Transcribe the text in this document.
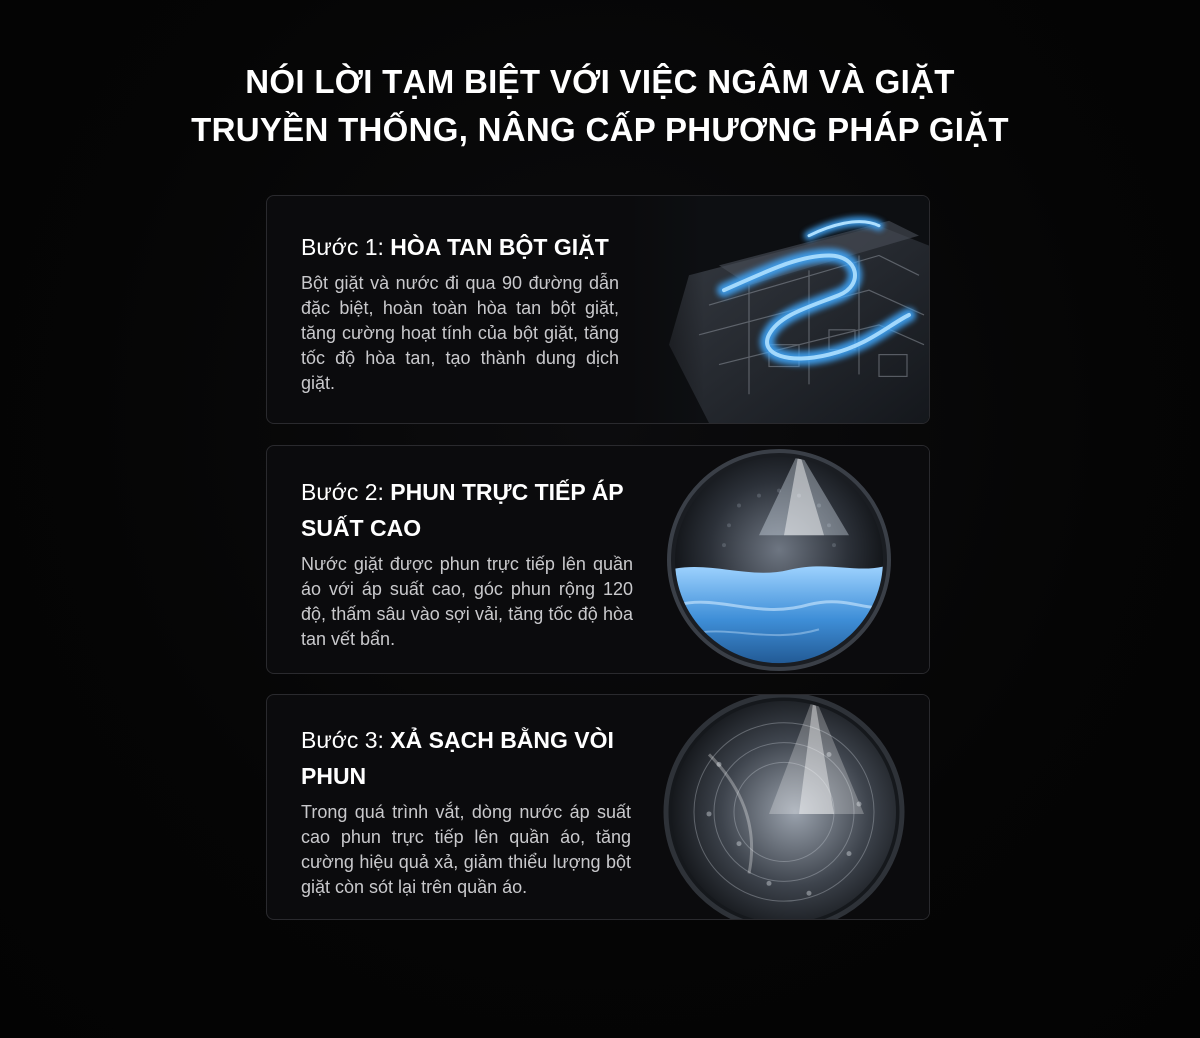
NÓI LỜI TẠM BIỆT VỚI VIỆC NGÂM VÀ GIẶT
TRUYỀN THỐNG, NÂNG CẤP PHƯƠNG PHÁP GIẶT

Bước 1: HÒA TAN BỘT GIẶT

Bột giặt và nước đi qua 90 đường dẫn đặc biệt, hoàn toàn hòa tan bột giặt, tăng cường hoạt tính của bột giặt, tăng tốc độ hòa tan, tạo thành dung dịch giặt.

Bước 2: PHUN TRỰC TIẾP ÁP SUẤT CAO

Nước giặt được phun trực tiếp lên quần áo với áp suất cao, góc phun rộng 120 độ, thấm sâu vào sợi vải, tăng tốc độ hòa tan vết bẩn.

Bước 3: XẢ SẠCH BẰNG VÒI PHUN

Trong quá trình vắt, dòng nước áp suất cao phun trực tiếp lên quần áo, tăng cường hiệu quả xả, giảm thiểu lượng bột giặt còn sót lại trên quần áo.
